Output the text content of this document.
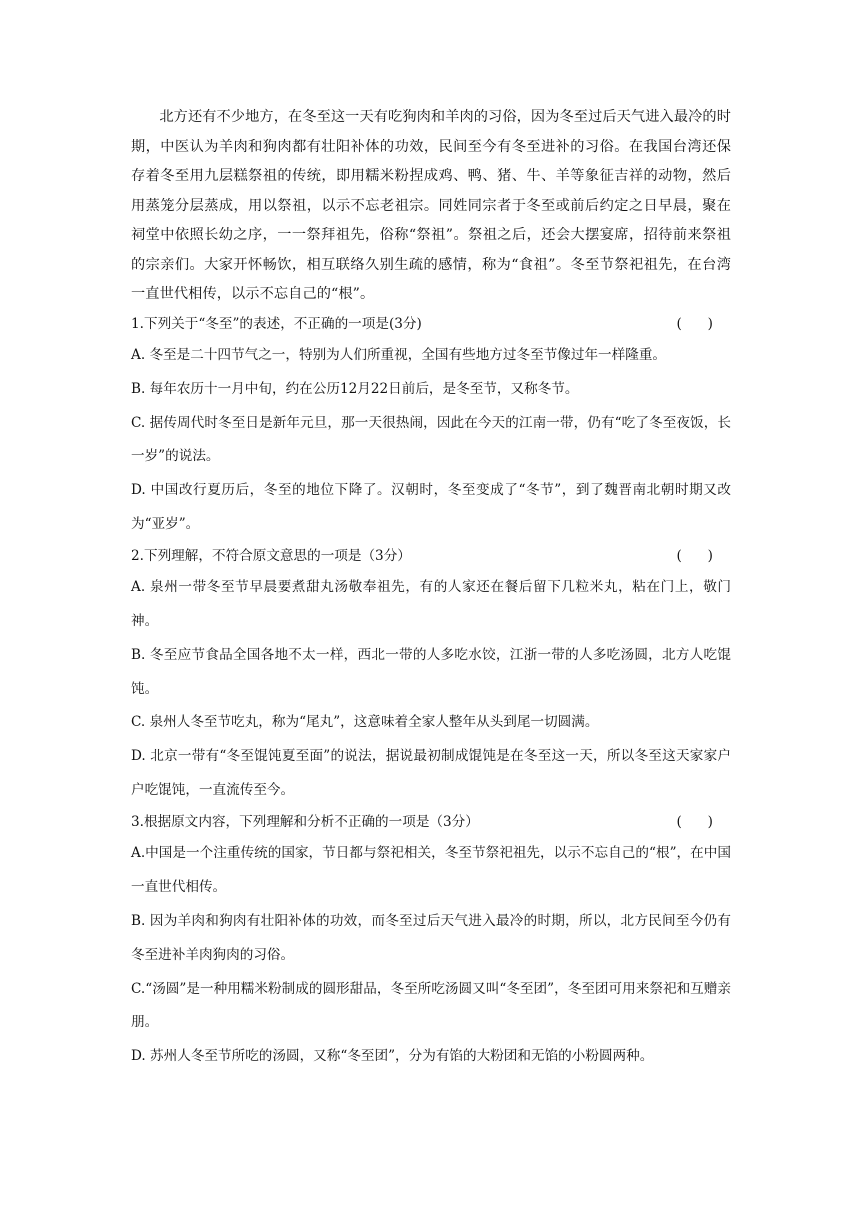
北方还有不少地方，在冬至这一天有吃狗肉和羊肉的习俗，因为冬至过后天气进入最冷的时期，中医认为羊肉和狗肉都有壮阳补体的功效，民间至今有冬至进补的习俗。在我国台湾还保存着冬至用九层糕祭祖的传统，即用糯米粉捏成鸡、鸭、猪、牛、羊等象征吉祥的动物，然后用蒸笼分层蒸成，用以祭祖，以示不忘老祖宗。同姓同宗者于冬至或前后约定之日早晨，聚在祠堂中依照长幼之序，一一祭拜祖先，俗称“祭祖”。祭祖之后，还会大摆宴席，招待前来祭祖的宗亲们。大家开怀畅饮，相互联络久别生疏的感情，称为“食祖”。冬至节祭祀祖先，在台湾一直世代相传，以示不忘自己的“根”。

1.下列关于“冬至”的表述，不正确的一项是(3分)	(      )

A. 冬至是二十四节气之一，特别为人们所重视，全国有些地方过冬至节像过年一样隆重。

B. 每年农历十一月中旬，约在公历12月22日前后，是冬至节，又称冬节。

C. 据传周代时冬至日是新年元旦，那一天很热闹，因此在今天的江南一带，仍有“吃了冬至夜饭，长一岁”的说法。

D. 中国改行夏历后，冬至的地位下降了。汉朝时，冬至变成了“冬节”，到了魏晋南北朝时期又改为“亚岁”。

2.下列理解，不符合原文意思的一项是（3分）	(      )

A. 泉州一带冬至节早晨要煮甜丸汤敬奉祖先，有的人家还在餐后留下几粒米丸，粘在门上，敬门神。

B. 冬至应节食品全国各地不太一样，西北一带的人多吃水饺，江浙一带的人多吃汤圆，北方人吃馄饨。

C. 泉州人冬至节吃丸，称为“尾丸”，这意味着全家人整年从头到尾一切圆满。

D. 北京一带有“冬至馄饨夏至面”的说法，据说最初制成馄饨是在冬至这一天，所以冬至这天家家户户吃馄饨，一直流传至今。

3.根据原文内容，下列理解和分析不正确的一项是（3分）	(      )

A.中国是一个注重传统的国家，节日都与祭祀相关，冬至节祭祀祖先，以示不忘自己的“根”，在中国一直世代相传。

B. 因为羊肉和狗肉有壮阳补体的功效，而冬至过后天气进入最冷的时期，所以，北方民间至今仍有冬至进补羊肉狗肉的习俗。

C.“汤圆”是一种用糯米粉制成的圆形甜品，冬至所吃汤圆又叫“冬至团”，冬至团可用来祭祀和互赠亲朋。

D. 苏州人冬至节所吃的汤圆，又称“冬至团”，分为有馅的大粉团和无馅的小粉圆两种。
